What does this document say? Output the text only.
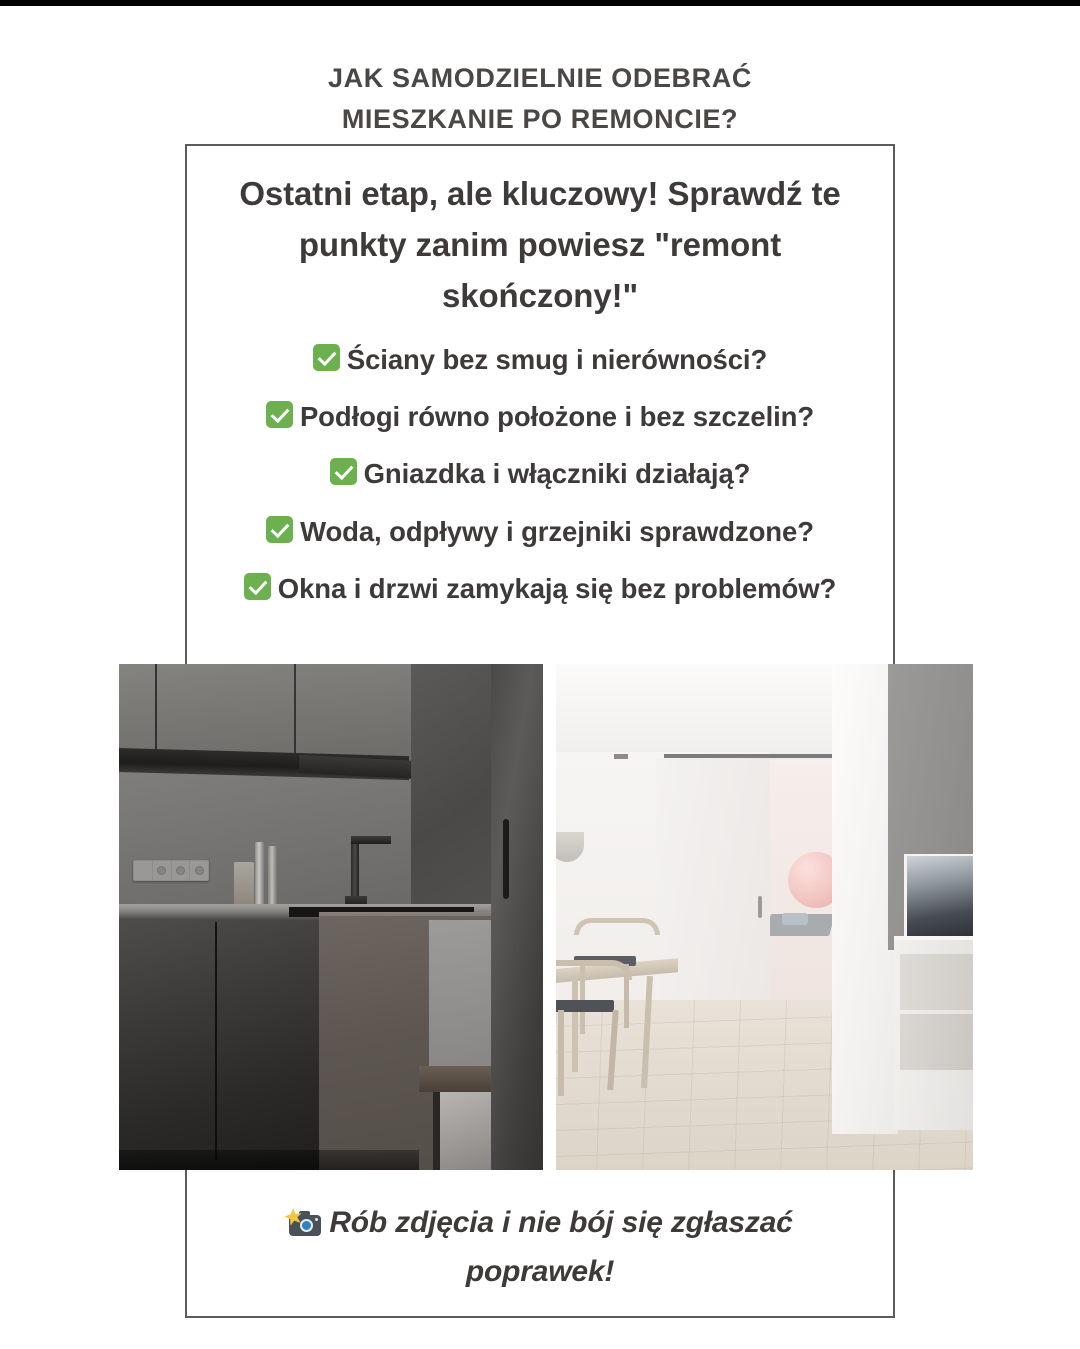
JAK SAMODZIELNIE ODEBRAĆ
MIESZKANIE PO REMONCIE?
Ostatni etap, ale kluczowy! Sprawdź te
punkty zanim powiesz "remont
skończony!"
Ściany bez smug i nierówności?
Podłogi równo położone i bez szczelin?
Gniazdka i włączniki działają?
Woda, odpływy i grzejniki sprawdzone?
Okna i drzwi zamykają się bez problemów?
Rób zdjęcia i nie bój się zgłaszać
poprawek!
